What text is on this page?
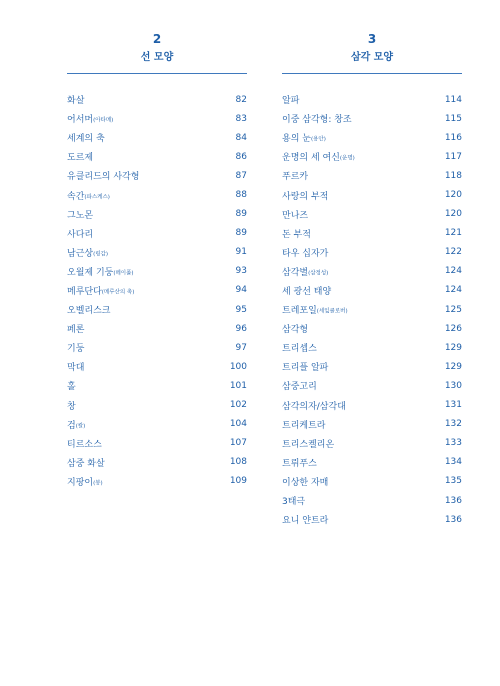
2
선 모양
화살	82
어서머(아타메)	83
세계의 축	84
도르제	86
유클리드의 사각형	87
속간(파스케스)	88
그노몬	89
사다리	89
남근상(링감)	91
오월제 기둥(메이폴)	93
메루단다(메루산의 축)	94
오벨리스크	95
페론	96
기둥	97
막대	100
홀	101
창	102
검(칼)	104
티르소스	107
삼중 화살	108
지팡이(봉)	109
3
삼각 모양
알파	114
이중 삼각형: 창조	115
용의 눈(용안)	116
운명의 세 여신(운명)	117
푸르카	118
사랑의 부적	120
만나즈	120
돈 부적	121
타우 십자가	122
삼각별(삼정성)	124
세 광선 태양	124
트레포일(세잎클로버)	125
삼각형	126
트리셉스	129
트리플 알파	129
삼중고리	130
삼각의자/삼각대	131
트리케트라	132
트리스켈리온	133
트뤼푸스	134
이상한 자매	135
3태극	136
요니 얀트라	136
